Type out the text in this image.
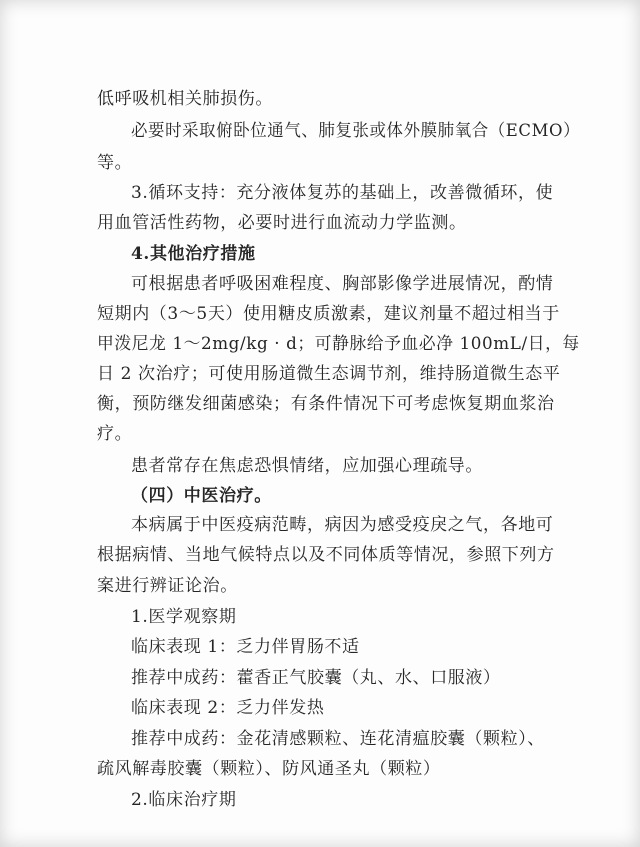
低呼吸机相关肺损伤。
必要时采取俯卧位通气、肺复张或体外膜肺氧合（ECMO）
等。
3.循环支持：充分液体复苏的基础上，改善微循环，使
用血管活性药物，必要时进行血流动力学监测。
4.其他治疗措施
可根据患者呼吸困难程度、胸部影像学进展情况，酌情
短期内（3～5天）使用糖皮质激素，建议剂量不超过相当于
甲泼尼龙 1～2mg/kg · d；可静脉给予血必净 100mL/日，每
日 2 次治疗；可使用肠道微生态调节剂，维持肠道微生态平
衡，预防继发细菌感染；有条件情况下可考虑恢复期血浆治
疗。
患者常存在焦虑恐惧情绪，应加强心理疏导。
（四）中医治疗。
本病属于中医疫病范畴，病因为感受疫戾之气，各地可
根据病情、当地气候特点以及不同体质等情况，参照下列方
案进行辨证论治。
1.医学观察期
临床表现 1：乏力伴胃肠不适
推荐中成药：藿香正气胶囊（丸、水、口服液）
临床表现 2：乏力伴发热
推荐中成药：金花清感颗粒、连花清瘟胶囊（颗粒）、
疏风解毒胶囊（颗粒）、防风通圣丸（颗粒）
2.临床治疗期
